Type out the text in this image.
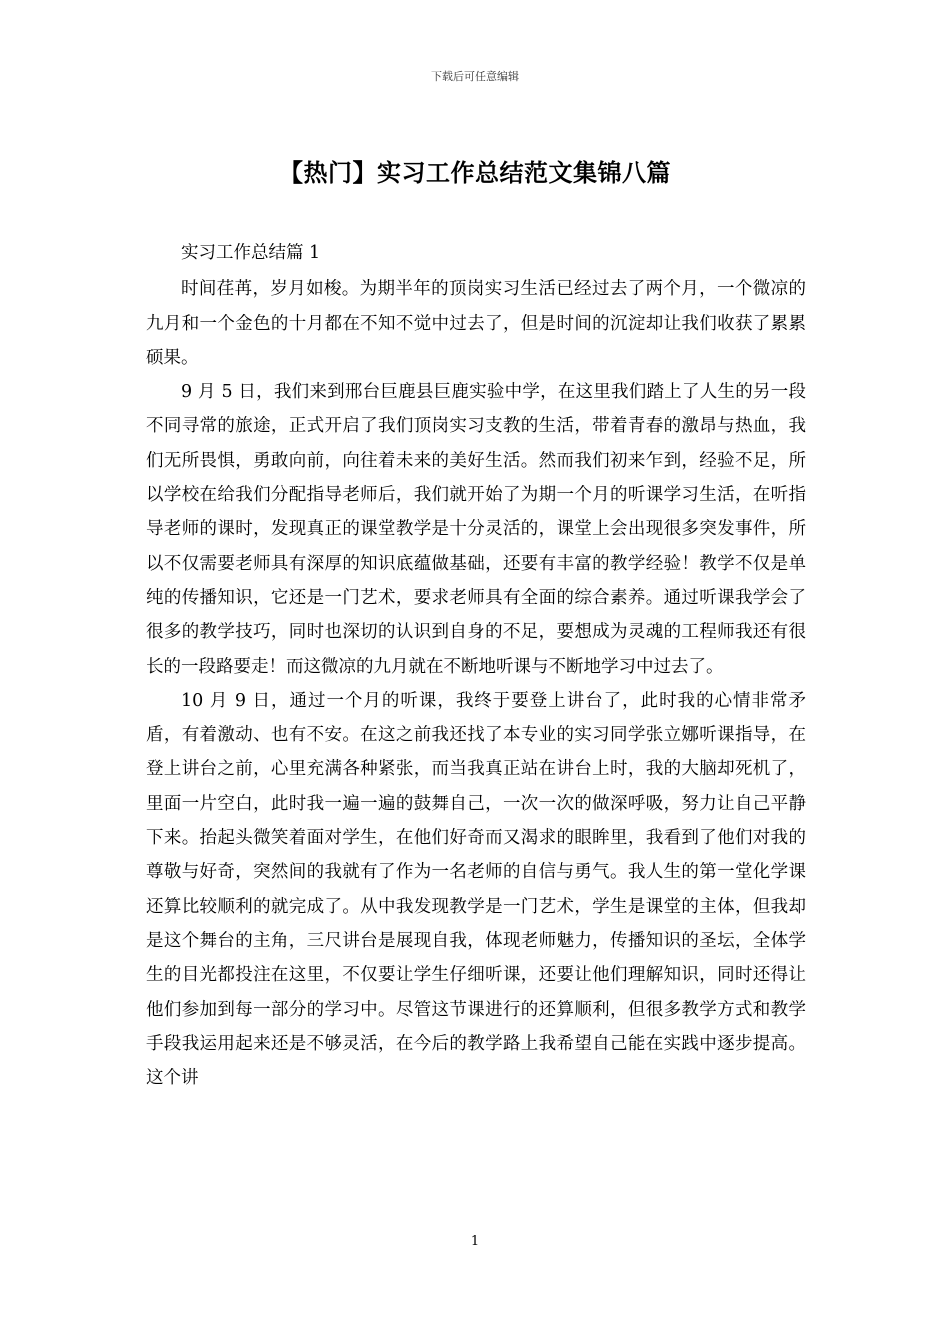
下载后可任意编辑
【热门】实习工作总结范文集锦八篇

实习工作总结篇 1

时间荏苒，岁月如梭。为期半年的顶岗实习生活已经过去了两个月，一个微凉的九月和一个金色的十月都在不知不觉中过去了，但是时间的沉淀却让我们收获了累累硕果。

9 月 5 日，我们来到邢台巨鹿县巨鹿实验中学，在这里我们踏上了人生的另一段不同寻常的旅途，正式开启了我们顶岗实习支教的生活，带着青春的激昂与热血，我们无所畏惧，勇敢向前，向往着未来的美好生活。然而我们初来乍到，经验不足，所以学校在给我们分配指导老师后，我们就开始了为期一个月的听课学习生活，在听指导老师的课时，发现真正的课堂教学是十分灵活的，课堂上会出现很多突发事件，所以不仅需要老师具有深厚的知识底蕴做基础，还要有丰富的教学经验！教学不仅是单纯的传播知识，它还是一门艺术，要求老师具有全面的综合素养。通过听课我学会了很多的教学技巧，同时也深切的认识到自身的不足，要想成为灵魂的工程师我还有很长的一段路要走！而这微凉的九月就在不断地听课与不断地学习中过去了。

10 月 9 日，通过一个月的听课，我终于要登上讲台了，此时我的心情非常矛盾，有着激动、也有不安。在这之前我还找了本专业的实习同学张立娜听课指导，在登上讲台之前，心里充满各种紧张，而当我真正站在讲台上时，我的大脑却死机了，里面一片空白，此时我一遍一遍的鼓舞自己，一次一次的做深呼吸，努力让自己平静下来。抬起头微笑着面对学生，在他们好奇而又渴求的眼眸里，我看到了他们对我的尊敬与好奇，突然间的我就有了作为一名老师的自信与勇气。我人生的第一堂化学课还算比较顺利的就完成了。从中我发现教学是一门艺术，学生是课堂的主体，但我却是这个舞台的主角，三尺讲台是展现自我，体现老师魅力，传播知识的圣坛，全体学生的目光都投注在这里，不仅要让学生仔细听课，还要让他们理解知识，同时还得让他们参加到每一部分的学习中。尽管这节课进行的还算顺利，但很多教学方式和教学手段我运用起来还是不够灵活，在今后的教学路上我希望自己能在实践中逐步提高。这个讲

1
